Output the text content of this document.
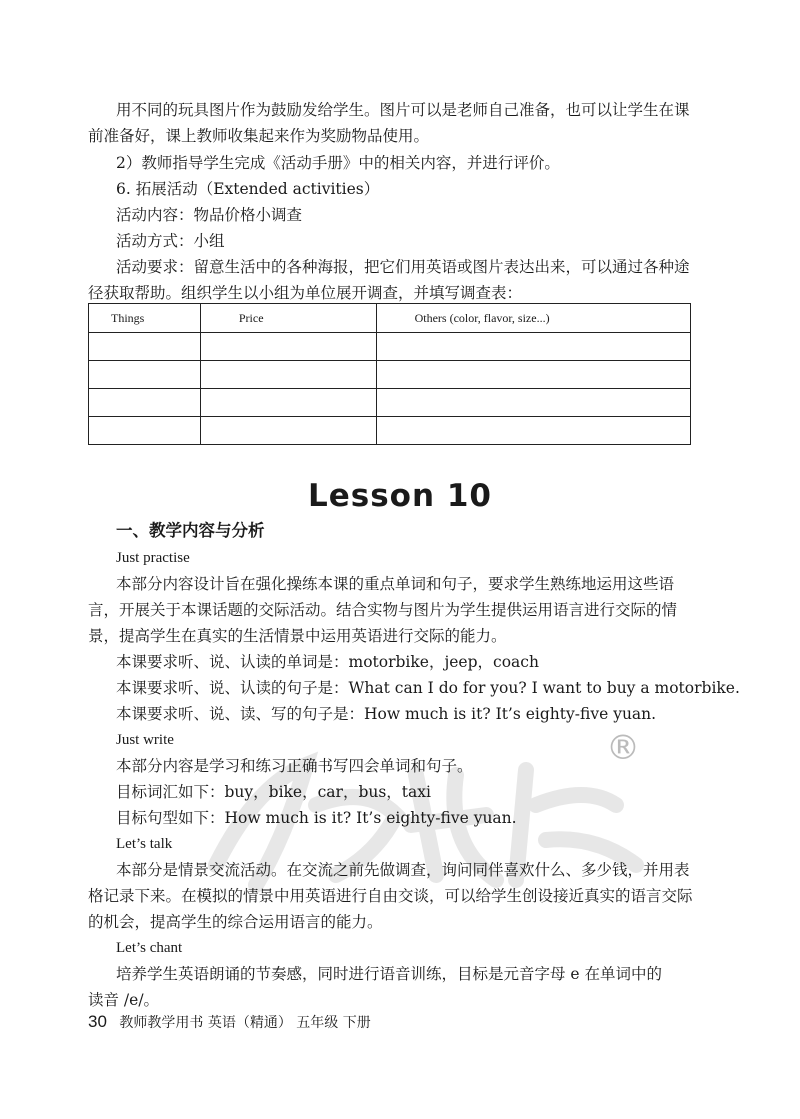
用不同的玩具图片作为鼓励发给学生。图片可以是老师自己准备，也可以让学生在课
前准备好，课上教师收集起来作为奖励物品使用。
2）教师指导学生完成《活动手册》中的相关内容，并进行评价。
6. 拓展活动（Extended activities）
活动内容：物品价格小调查
活动方式：小组
活动要求：留意生活中的各种海报，把它们用英语或图片表达出来，可以通过各种途
径获取帮助。组织学生以小组为单位展开调查，并填写调查表：
Things	Price	Others (color, flavor, size...)

Lesson 10
一、教学内容与分析
Just practise
本部分内容设计旨在强化操练本课的重点单词和句子，要求学生熟练地运用这些语
言，开展关于本课话题的交际活动。结合实物与图片为学生提供运用语言进行交际的情
景，提高学生在真实的生活情景中运用英语进行交际的能力。
本课要求听、说、认读的单词是：motorbike，jeep，coach
本课要求听、说、认读的句子是：What can I do for you? I want to buy a motorbike.
本课要求听、说、读、写的句子是：How much is it? It’s eighty-five yuan.
Just write
本部分内容是学习和练习正确书写四会单词和句子。
目标词汇如下：buy，bike，car，bus，taxi
目标句型如下：How much is it? It’s eighty-five yuan.
Let’s talk
本部分是情景交流活动。在交流之前先做调查，询问同伴喜欢什么、多少钱，并用表
格记录下来。在模拟的情景中用英语进行自由交谈，可以给学生创设接近真实的语言交际
的机会，提高学生的综合运用语言的能力。
Let’s chant
培养学生英语朗诵的节奏感，同时进行语音训练，目标是元音字母 e 在单词中的
读音 /e/。
®
30 教师教学用书 英语（精通） 五年级 下册
